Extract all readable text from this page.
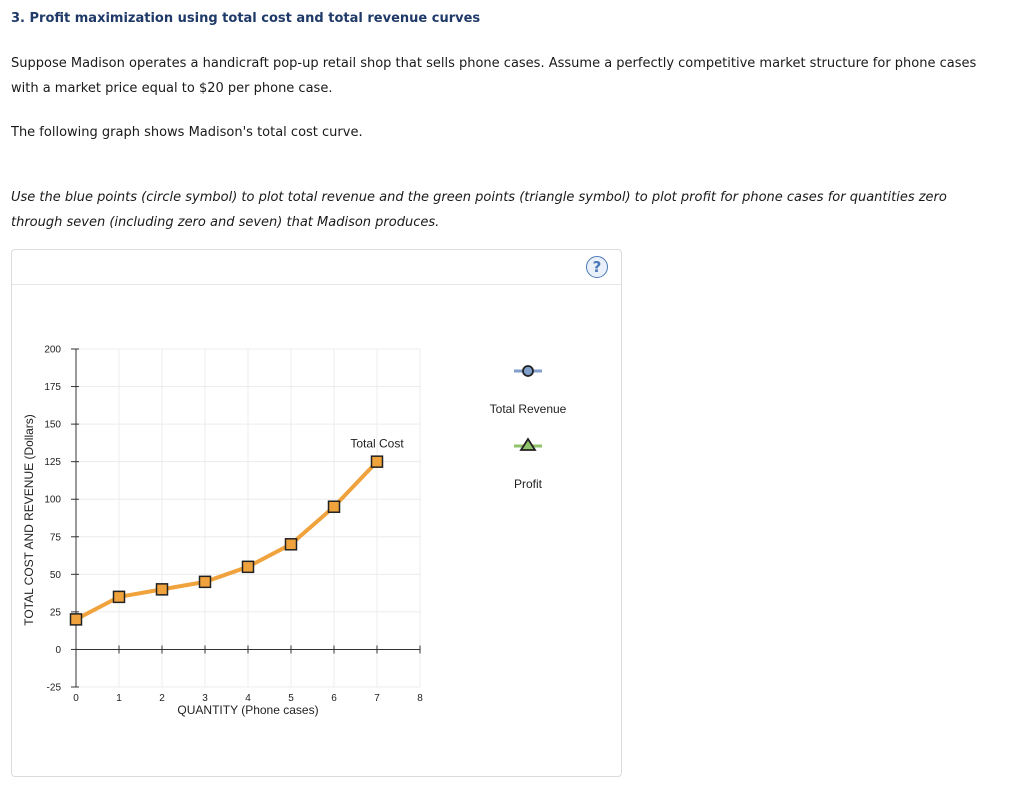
3. Profit maximization using total cost and total revenue curves
Suppose Madison operates a handicraft pop-up retail shop that sells phone cases. Assume a perfectly competitive market structure for phone cases
with a market price equal to $20 per phone case.
The following graph shows Madison's total cost curve.
Use the blue points (circle symbol) to plot total revenue and the green points (triangle symbol) to plot profit for phone cases for quantities zero
through seven (including zero and seven) that Madison produces.
?
-25
0
25
50
75
100
125
150
175
200
0	1	2	3	4	5	6	7	8
QUANTITY (Phone cases)
TOTAL COST AND REVENUE (Dollars)	Total Cost
Total Revenue
Profit
